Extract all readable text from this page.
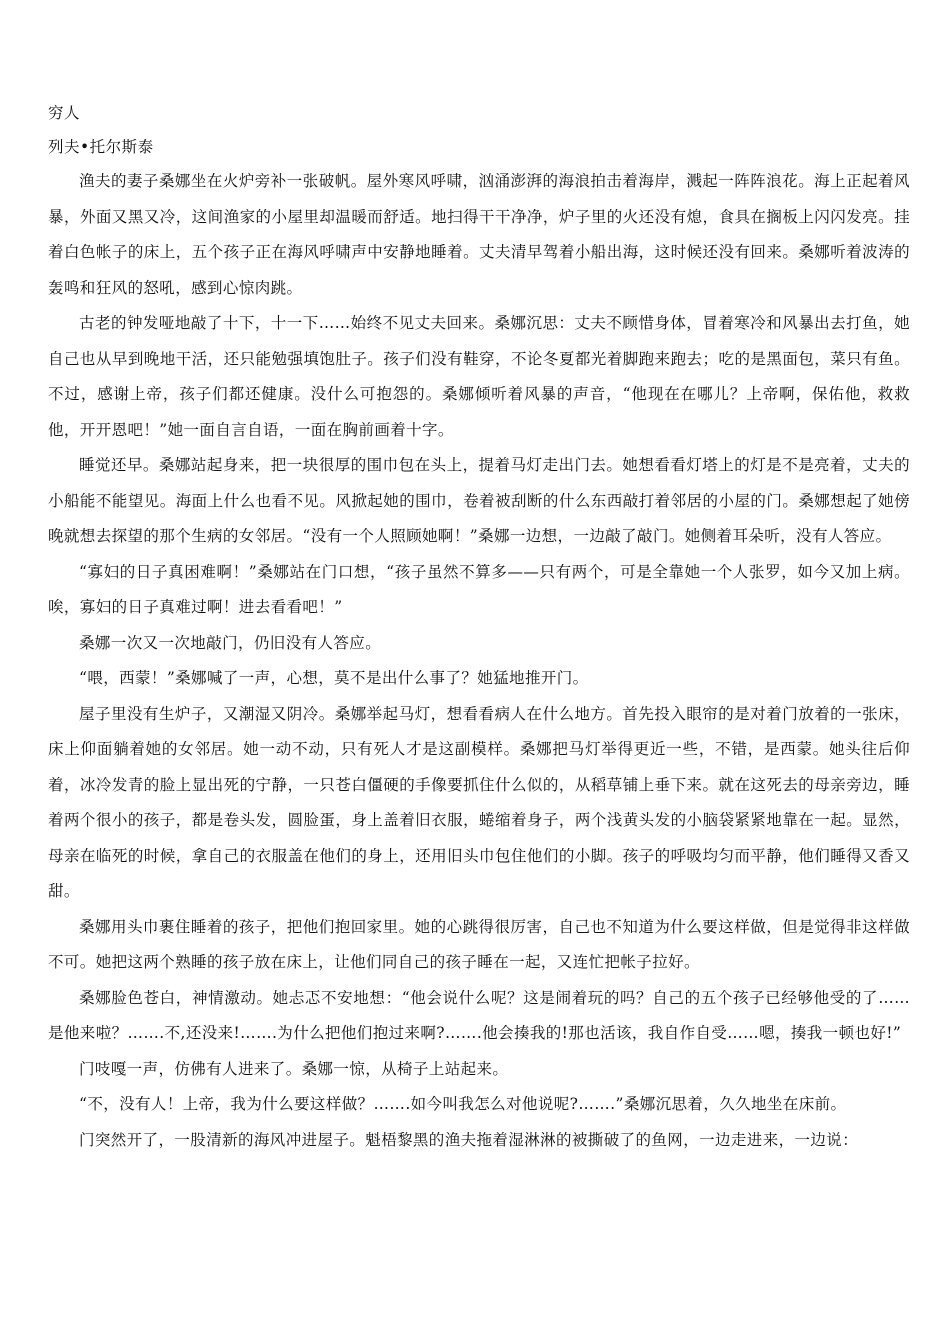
穷人

列夫•托尔斯泰

渔夫的妻子桑娜坐在火炉旁补一张破帆。屋外寒风呼啸，汹涌澎湃的海浪拍击着海岸，溅起一阵阵浪花。海上正起着风暴，外面又黑又冷，这间渔家的小屋里却温暖而舒适。地扫得干干净净，炉子里的火还没有熄，食具在搁板上闪闪发亮。挂着白色帐子的床上，五个孩子正在海风呼啸声中安静地睡着。丈夫清早驾着小船出海，这时候还没有回来。桑娜听着波涛的轰鸣和狂风的怒吼，感到心惊肉跳。

古老的钟发哑地敲了十下，十一下……始终不见丈夫回来。桑娜沉思：丈夫不顾惜身体，冒着寒冷和风暴出去打鱼，她自己也从早到晚地干活，还只能勉强填饱肚子。孩子们没有鞋穿，不论冬夏都光着脚跑来跑去；吃的是黑面包，菜只有鱼。不过，感谢上帝，孩子们都还健康。没什么可抱怨的。桑娜倾听着风暴的声音，“他现在在哪儿？上帝啊，保佑他，救救他，开开恩吧！”她一面自言自语，一面在胸前画着十字。

睡觉还早。桑娜站起身来，把一块很厚的围巾包在头上，提着马灯走出门去。她想看看灯塔上的灯是不是亮着，丈夫的小船能不能望见。海面上什么也看不见。风掀起她的围巾，卷着被刮断的什么东西敲打着邻居的小屋的门。桑娜想起了她傍晚就想去探望的那个生病的女邻居。“没有一个人照顾她啊！”桑娜一边想，一边敲了敲门。她侧着耳朵听，没有人答应。

“寡妇的日子真困难啊！”桑娜站在门口想，“孩子虽然不算多——只有两个，可是全靠她一个人张罗，如今又加上病。唉，寡妇的日子真难过啊！进去看看吧！”

桑娜一次又一次地敲门，仍旧没有人答应。

“喂，西蒙！”桑娜喊了一声，心想，莫不是出什么事了？她猛地推开门。

屋子里没有生炉子，又潮湿又阴冷。桑娜举起马灯，想看看病人在什么地方。首先投入眼帘的是对着门放着的一张床，床上仰面躺着她的女邻居。她一动不动，只有死人才是这副模样。桑娜把马灯举得更近一些，不错，是西蒙。她头往后仰着，冰冷发青的脸上显出死的宁静，一只苍白僵硬的手像要抓住什么似的，从稻草铺上垂下来。就在这死去的母亲旁边，睡着两个很小的孩子，都是卷头发，圆脸蛋，身上盖着旧衣服，蜷缩着身子，两个浅黄头发的小脑袋紧紧地靠在一起。显然，母亲在临死的时候，拿自己的衣服盖在他们的身上，还用旧头巾包住他们的小脚。孩子的呼吸均匀而平静，他们睡得又香又甜。

桑娜用头巾裹住睡着的孩子，把他们抱回家里。她的心跳得很厉害，自己也不知道为什么要这样做，但是觉得非这样做不可。她把这两个熟睡的孩子放在床上，让他们同自己的孩子睡在一起，又连忙把帐子拉好。

桑娜脸色苍白，神情激动。她忐忑不安地想：“他会说什么呢？这是闹着玩的吗？自己的五个孩子已经够他受的了……是他来啦？…….不,还没来!…….为什么把他们抱过来啊?…….他会揍我的!那也活该，我自作自受……嗯，揍我一顿也好!”

门吱嘎一声，仿佛有人进来了。桑娜一惊，从椅子上站起来。

“不，没有人！上帝，我为什么要这样做？…….如今叫我怎么对他说呢?…….”桑娜沉思着，久久地坐在床前。

门突然开了，一股清新的海风冲进屋子。魁梧黎黑的渔夫拖着湿淋淋的被撕破了的鱼网，一边走进来，一边说：
